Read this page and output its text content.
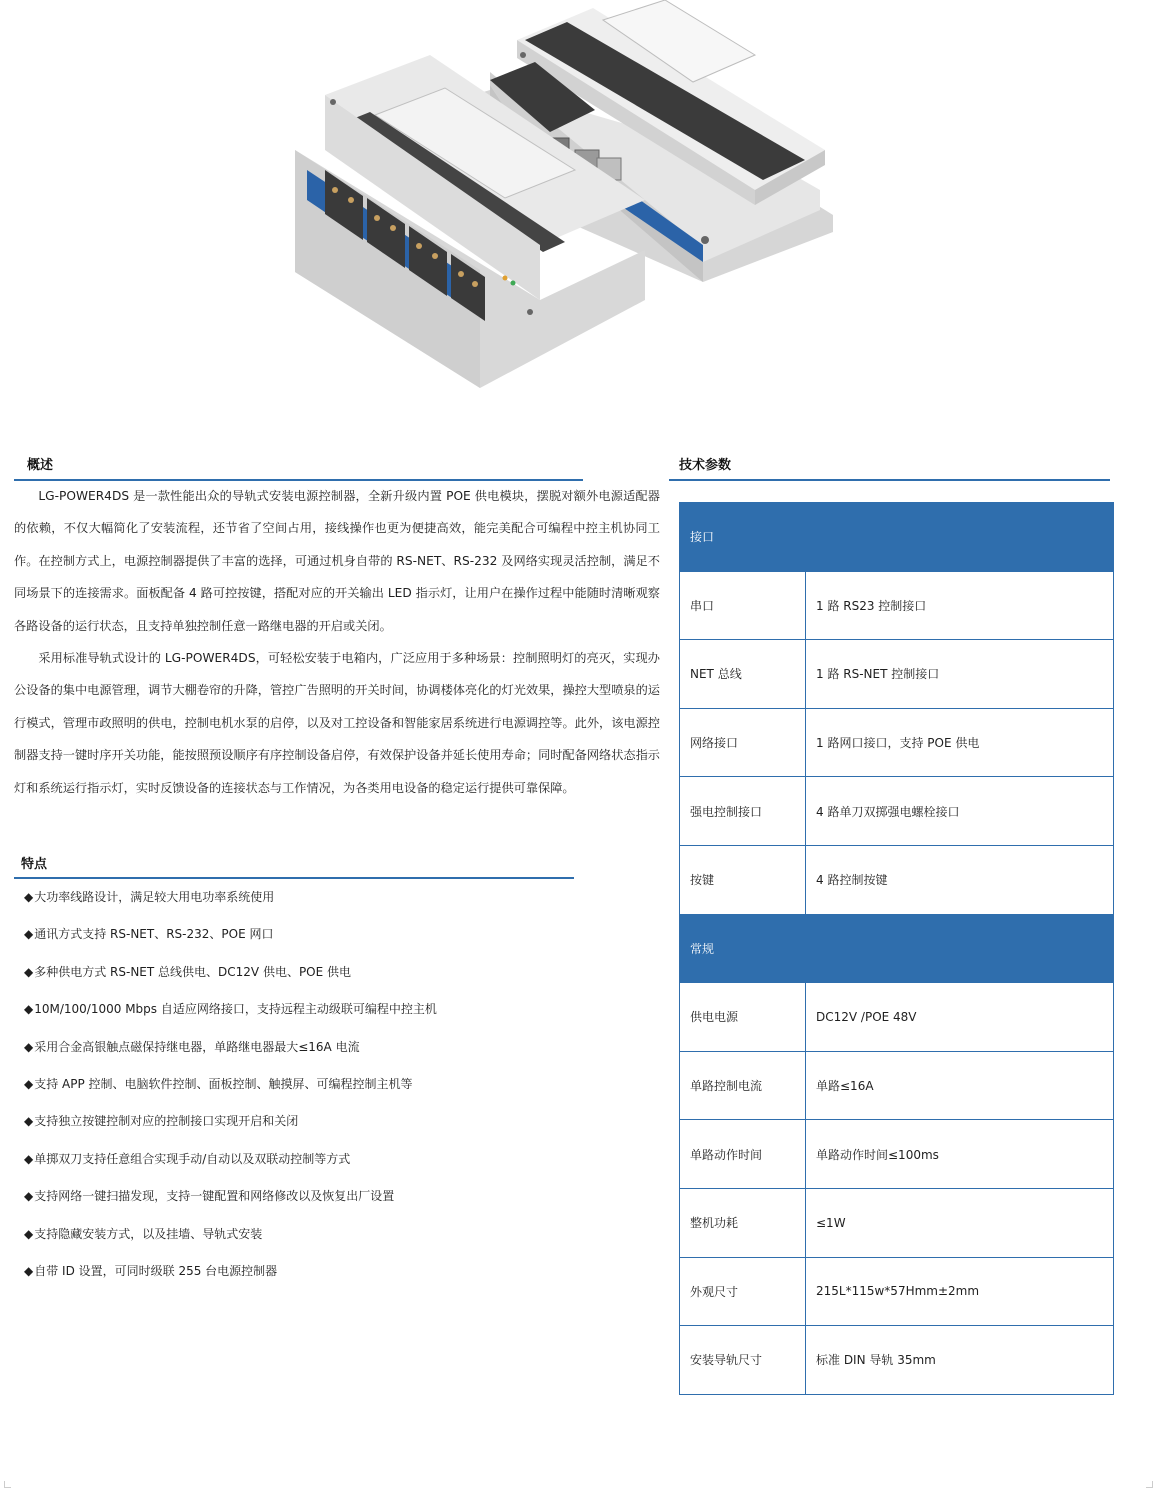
概述

LG-POWER4DS 是一款性能出众的导轨式安装电源控制器，全新升级内置 POE 供电模块，摆脱对额外电源适配器的依赖，不仅大幅简化了安装流程，还节省了空间占用，接线操作也更为便捷高效，能完美配合可编程中控主机协同工作。在控制方式上，电源控制器提供了丰富的选择，可通过机身自带的 RS-NET、RS-232 及网络实现灵活控制，满足不同场景下的连接需求。面板配备 4 路可控按键，搭配对应的开关输出 LED 指示灯，让用户在操作过程中能随时清晰观察各路设备的运行状态，且支持单独控制任意一路继电器的开启或关闭。

采用标准导轨式设计的 LG-POWER4DS，可轻松安装于电箱内，广泛应用于多种场景：控制照明灯的亮灭，实现办公设备的集中电源管理，调节大棚卷帘的升降，管控广告照明的开关时间，协调楼体亮化的灯光效果，操控大型喷泉的运行模式，管理市政照明的供电，控制电机水泵的启停，以及对工控设备和智能家居系统进行电源调控等。此外，该电源控制器支持一键时序开关功能，能按照预设顺序有序控制设备启停，有效保护设备并延长使用寿命；同时配备网络状态指示灯和系统运行指示灯，实时反馈设备的连接状态与工作情况，为各类用电设备的稳定运行提供可靠保障。

特点
◆大功率线路设计，满足较大用电功率系统使用
◆通讯方式支持 RS-NET、RS-232、POE 网口
◆多种供电方式 RS-NET 总线供电、DC12V 供电、POE 供电
◆10M/100/1000 Mbps 自适应网络接口，支持远程主动级联可编程中控主机
◆采用合金高银触点磁保持继电器，单路继电器最大≤16A 电流
◆支持 APP 控制、电脑软件控制、面板控制、触摸屏、可编程控制主机等
◆支持独立按键控制对应的控制接口实现开启和关闭
◆单掷双刀支持任意组合实现手动/自动以及双联动控制等方式
◆支持网络一键扫描发现，支持一键配置和网络修改以及恢复出厂设置
◆支持隐藏安装方式，以及挂墙、导轨式安装
◆自带 ID 设置，可同时级联 255 台电源控制器
技术参数
接口	
串口	1 路 RS23 控制接口
NET 总线	1 路 RS-NET 控制接口
网络接口	1 路网口接口，支持 POE 供电
强电控制接口	4 路单刀双掷强电螺栓接口
按键	4 路控制按键
常规	
供电电源	DC12V /POE 48V
单路控制电流	单路≤16A
单路动作时间	单路动作时间≤100ms
整机功耗	≤1W
外观尺寸	215L*115w*57Hmm±2mm
安装导轨尺寸	标准 DIN 导轨 35mm
